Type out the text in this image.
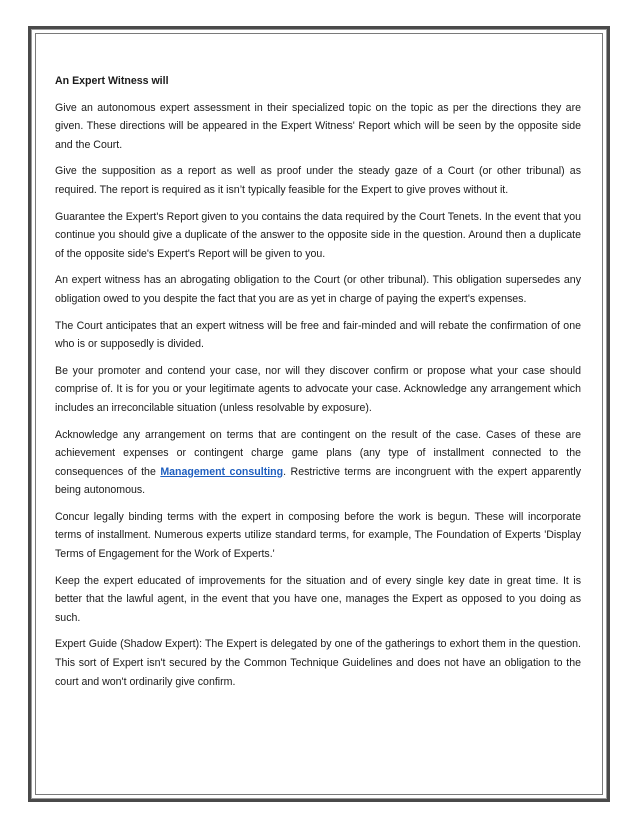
An Expert Witness will

Give an autonomous expert assessment in their specialized topic on the topic as per the directions they are given. These directions will be appeared in the Expert Witness' Report which will be seen by the opposite side and the Court.

Give the supposition as a report as well as proof under the steady gaze of a Court (or other tribunal) as required. The report is required as it isn’t typically feasible for the Expert to give proves without it.

Guarantee the Expert's Report given to you contains the data required by the Court Tenets. In the event that you continue you should give a duplicate of the answer to the opposite side in the question. Around then a duplicate of the opposite side's Expert's Report will be given to you.

An expert witness has an abrogating obligation to the Court (or other tribunal). This obligation supersedes any obligation owed to you despite the fact that you are as yet in charge of paying the expert's expenses.

The Court anticipates that an expert witness will be free and fair-minded and will rebate the confirmation of one who is or supposedly is divided.

Be your promoter and contend your case, nor will they discover confirm or propose what your case should comprise of. It is for you or your legitimate agents to advocate your case. Acknowledge any arrangement which includes an irreconcilable situation (unless resolvable by exposure).

Acknowledge any arrangement on terms that are contingent on the result of the case. Cases of these are achievement expenses or contingent charge game plans (any type of installment connected to the consequences of the Management consulting. Restrictive terms are incongruent with the expert apparently being autonomous.

Concur legally binding terms with the expert in composing before the work is begun. These will incorporate terms of installment. Numerous experts utilize standard terms, for example, The Foundation of Experts 'Display Terms of Engagement for the Work of Experts.'

Keep the expert educated of improvements for the situation and of every single key date in great time. It is better that the lawful agent, in the event that you have one, manages the Expert as opposed to you doing as such.

Expert Guide (Shadow Expert): The Expert is delegated by one of the gatherings to exhort them in the question. This sort of Expert isn't secured by the Common Technique Guidelines and does not have an obligation to the court and won't ordinarily give confirm.
